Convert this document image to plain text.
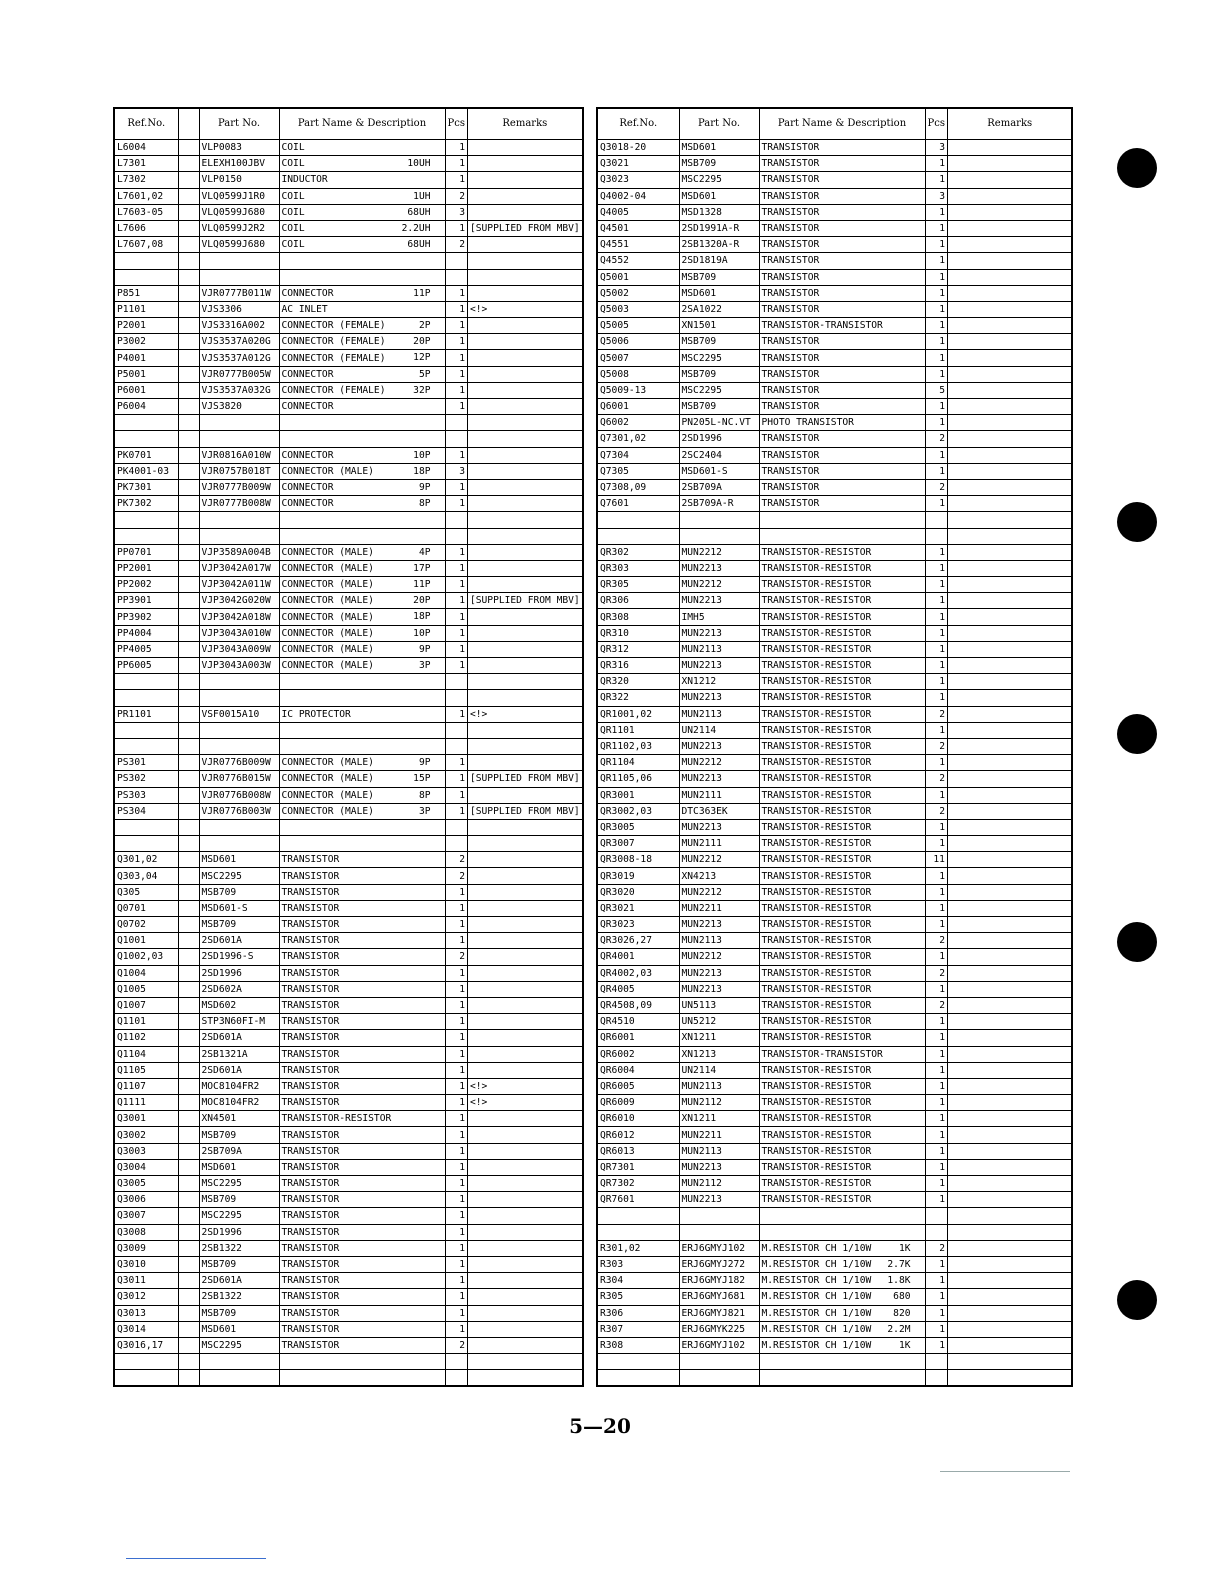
Ref.No.		Part No.	Part Name & Description	Pcs	Remarks
L6004		VLP0083	COIL	1	
L7301		ELEXH100JBV	COIL 10UH	1	
L7302		VLP0150	INDUCTOR	1	
L7601,02		VLQ0599J1R0	COIL 1UH	2	
L7603-05		VLQ0599J680	COIL 68UH	3	
L7606		VLQ0599J2R2	COIL 2.2UH	1	[SUPPLIED FROM MBV]
L7607,08		VLQ0599J680	COIL 68UH	2	

P851		VJR0777B011W	CONNECTOR 11P	1	
P1101		VJS3306	AC INLET	1	<!>
P2001		VJS3316A002	CONNECTOR (FEMALE) 2P	1	
P3002		VJS3537A020G	CONNECTOR (FEMALE) 20P	1	
P4001		VJS3537A012G	CONNECTOR (FEMALE) 12P	1	
P5001		VJR0777B005W	CONNECTOR 5P	1	
P6001		VJS3537A032G	CONNECTOR (FEMALE) 32P	1	
P6004		VJS3820	CONNECTOR	1	

PK0701		VJR0816A010W	CONNECTOR 10P	1	
PK4001-03		VJR0757B018T	CONNECTOR (MALE) 18P	3	
PK7301		VJR0777B009W	CONNECTOR 9P	1	
PK7302		VJR0777B008W	CONNECTOR 8P	1	

PP0701		VJP3589A004B	CONNECTOR (MALE) 4P	1	
PP2001		VJP3042A017W	CONNECTOR (MALE) 17P	1	
PP2002		VJP3042A011W	CONNECTOR (MALE) 11P	1	
PP3901		VJP3042G020W	CONNECTOR (MALE) 20P	1	[SUPPLIED FROM MBV]
PP3902		VJP3042A018W	CONNECTOR (MALE) 18P	1	
PP4004		VJP3043A010W	CONNECTOR (MALE) 10P	1	
PP4005		VJP3043A009W	CONNECTOR (MALE) 9P	1	
PP6005		VJP3043A003W	CONNECTOR (MALE) 3P	1	

PR1101		VSF0015A10	IC PROTECTOR	1	<!>

PS301		VJR0776B009W	CONNECTOR (MALE) 9P	1	
PS302		VJR0776B015W	CONNECTOR (MALE) 15P	1	[SUPPLIED FROM MBV]
PS303		VJR0776B008W	CONNECTOR (MALE) 8P	1	
PS304		VJR0776B003W	CONNECTOR (MALE) 3P	1	[SUPPLIED FROM MBV]

Q301,02		MSD601	TRANSISTOR	2	
Q303,04		MSC2295	TRANSISTOR	2	
Q305		MSB709	TRANSISTOR	1	
Q0701		MSD601-S	TRANSISTOR	1	
Q0702		MSB709	TRANSISTOR	1	
Q1001		2SD601A	TRANSISTOR	1	
Q1002,03		2SD1996-S	TRANSISTOR	2	
Q1004		2SD1996	TRANSISTOR	1	
Q1005		2SD602A	TRANSISTOR	1	
Q1007		MSD602	TRANSISTOR	1	
Q1101		STP3N60FI-M	TRANSISTOR	1	
Q1102		2SD601A	TRANSISTOR	1	
Q1104		2SB1321A	TRANSISTOR	1	
Q1105		2SD601A	TRANSISTOR	1	
Q1107		MOC8104FR2	TRANSISTOR	1	<!>
Q1111		MOC8104FR2	TRANSISTOR	1	<!>
Q3001		XN4501	TRANSISTOR-RESISTOR	1	
Q3002		MSB709	TRANSISTOR	1	
Q3003		2SB709A	TRANSISTOR	1	
Q3004		MSD601	TRANSISTOR	1	
Q3005		MSC2295	TRANSISTOR	1	
Q3006		MSB709	TRANSISTOR	1	
Q3007		MSC2295	TRANSISTOR	1	
Q3008		2SD1996	TRANSISTOR	1	
Q3009		2SB1322	TRANSISTOR	1	
Q3010		MSB709	TRANSISTOR	1	
Q3011		2SD601A	TRANSISTOR	1	
Q3012		2SB1322	TRANSISTOR	1	
Q3013		MSB709	TRANSISTOR	1	
Q3014		MSD601	TRANSISTOR	1	
Q3016,17		MSC2295	TRANSISTOR	2	

Ref.No.	Part No.	Part Name & Description	Pcs	Remarks
Q3018-20	MSD601	TRANSISTOR	3	
Q3021	MSB709	TRANSISTOR	1	
Q3023	MSC2295	TRANSISTOR	1	
Q4002-04	MSD601	TRANSISTOR	3	
Q4005	MSD1328	TRANSISTOR	1	
Q4501	2SD1991A-R	TRANSISTOR	1	
Q4551	2SB1320A-R	TRANSISTOR	1	
Q4552	2SD1819A	TRANSISTOR	1	
Q5001	MSB709	TRANSISTOR	1	
Q5002	MSD601	TRANSISTOR	1	
Q5003	2SA1022	TRANSISTOR	1	
Q5005	XN1501	TRANSISTOR-TRANSISTOR	1	
Q5006	MSB709	TRANSISTOR	1	
Q5007	MSC2295	TRANSISTOR	1	
Q5008	MSB709	TRANSISTOR	1	
Q5009-13	MSC2295	TRANSISTOR	5	
Q6001	MSB709	TRANSISTOR	1	
Q6002	PN205L-NC.VT	PHOTO TRANSISTOR	1	
Q7301,02	2SD1996	TRANSISTOR	2	
Q7304	2SC2404	TRANSISTOR	1	
Q7305	MSD601-S	TRANSISTOR	1	
Q7308,09	2SB709A	TRANSISTOR	2	
Q7601	2SB709A-R	TRANSISTOR	1	

QR302	MUN2212	TRANSISTOR-RESISTOR	1	
QR303	MUN2213	TRANSISTOR-RESISTOR	1	
QR305	MUN2212	TRANSISTOR-RESISTOR	1	
QR306	MUN2213	TRANSISTOR-RESISTOR	1	
QR308	IMH5	TRANSISTOR-RESISTOR	1	
QR310	MUN2213	TRANSISTOR-RESISTOR	1	
QR312	MUN2113	TRANSISTOR-RESISTOR	1	
QR316	MUN2213	TRANSISTOR-RESISTOR	1	
QR320	XN1212	TRANSISTOR-RESISTOR	1	
QR322	MUN2213	TRANSISTOR-RESISTOR	1	
QR1001,02	MUN2113	TRANSISTOR-RESISTOR	2	
QR1101	UN2114	TRANSISTOR-RESISTOR	1	
QR1102,03	MUN2213	TRANSISTOR-RESISTOR	2	
QR1104	MUN2212	TRANSISTOR-RESISTOR	1	
QR1105,06	MUN2213	TRANSISTOR-RESISTOR	2	
QR3001	MUN2111	TRANSISTOR-RESISTOR	1	
QR3002,03	DTC363EK	TRANSISTOR-RESISTOR	2	
QR3005	MUN2213	TRANSISTOR-RESISTOR	1	
QR3007	MUN2111	TRANSISTOR-RESISTOR	1	
QR3008-18	MUN2212	TRANSISTOR-RESISTOR	11	
QR3019	XN4213	TRANSISTOR-RESISTOR	1	
QR3020	MUN2212	TRANSISTOR-RESISTOR	1	
QR3021	MUN2211	TRANSISTOR-RESISTOR	1	
QR3023	MUN2213	TRANSISTOR-RESISTOR	1	
QR3026,27	MUN2113	TRANSISTOR-RESISTOR	2	
QR4001	MUN2212	TRANSISTOR-RESISTOR	1	
QR4002,03	MUN2213	TRANSISTOR-RESISTOR	2	
QR4005	MUN2213	TRANSISTOR-RESISTOR	1	
QR4508,09	UN5113	TRANSISTOR-RESISTOR	2	
QR4510	UN5212	TRANSISTOR-RESISTOR	1	
QR6001	XN1211	TRANSISTOR-RESISTOR	1	
QR6002	XN1213	TRANSISTOR-TRANSISTOR	1	
QR6004	UN2114	TRANSISTOR-RESISTOR	1	
QR6005	MUN2113	TRANSISTOR-RESISTOR	1	
QR6009	MUN2112	TRANSISTOR-RESISTOR	1	
QR6010	XN1211	TRANSISTOR-RESISTOR	1	
QR6012	MUN2211	TRANSISTOR-RESISTOR	1	
QR6013	MUN2113	TRANSISTOR-RESISTOR	1	
QR7301	MUN2213	TRANSISTOR-RESISTOR	1	
QR7302	MUN2112	TRANSISTOR-RESISTOR	1	
QR7601	MUN2213	TRANSISTOR-RESISTOR	1	

R301,02	ERJ6GMYJ102	M.RESISTOR CH 1/10W 1K	2	
R303	ERJ6GMYJ272	M.RESISTOR CH 1/10W 2.7K	1	
R304	ERJ6GMYJ182	M.RESISTOR CH 1/10W 1.8K	1	
R305	ERJ6GMYJ681	M.RESISTOR CH 1/10W 680	1	
R306	ERJ6GMYJ821	M.RESISTOR CH 1/10W 820	1	
R307	ERJ6GMYK225	M.RESISTOR CH 1/10W 2.2M	1	
R308	ERJ6GMYJ102	M.RESISTOR CH 1/10W 1K	1	

5—20
